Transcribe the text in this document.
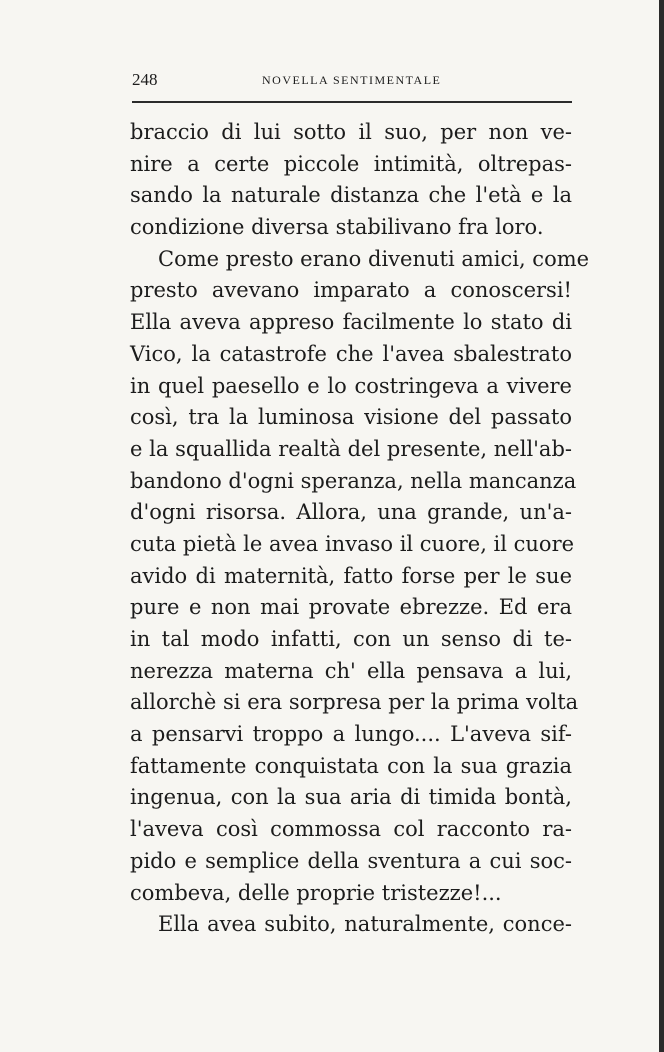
248	NOVELLA SENTIMENTALE
braccio di lui sotto il suo, per non ve-
nire a certe piccole intimità, oltrepas-
sando la naturale distanza che l'età e la
condizione diversa stabilivano fra loro.
Come presto erano divenuti amici, come
presto avevano imparato a conoscersi!
Ella aveva appreso facilmente lo stato di
Vico, la catastrofe che l'avea sbalestrato
in quel paesello e lo costringeva a vivere
così, tra la luminosa visione del passato
e la squallida realtà del presente, nell'ab-
bandono d'ogni speranza, nella mancanza
d'ogni risorsa. Allora, una grande, un'a-
cuta pietà le avea invaso il cuore, il cuore
avido di maternità, fatto forse per le sue
pure e non mai provate ebrezze. Ed era
in tal modo infatti, con un senso di te-
nerezza materna ch' ella pensava a lui,
allorchè si era sorpresa per la prima volta
a pensarvi troppo a lungo.... L'aveva sif-
fattamente conquistata con la sua grazia
ingenua, con la sua aria di timida bontà,
l'aveva così commossa col racconto ra-
pido e semplice della sventura a cui soc-
combeva, delle proprie tristezze!...
Ella avea subito, naturalmente, conce-
